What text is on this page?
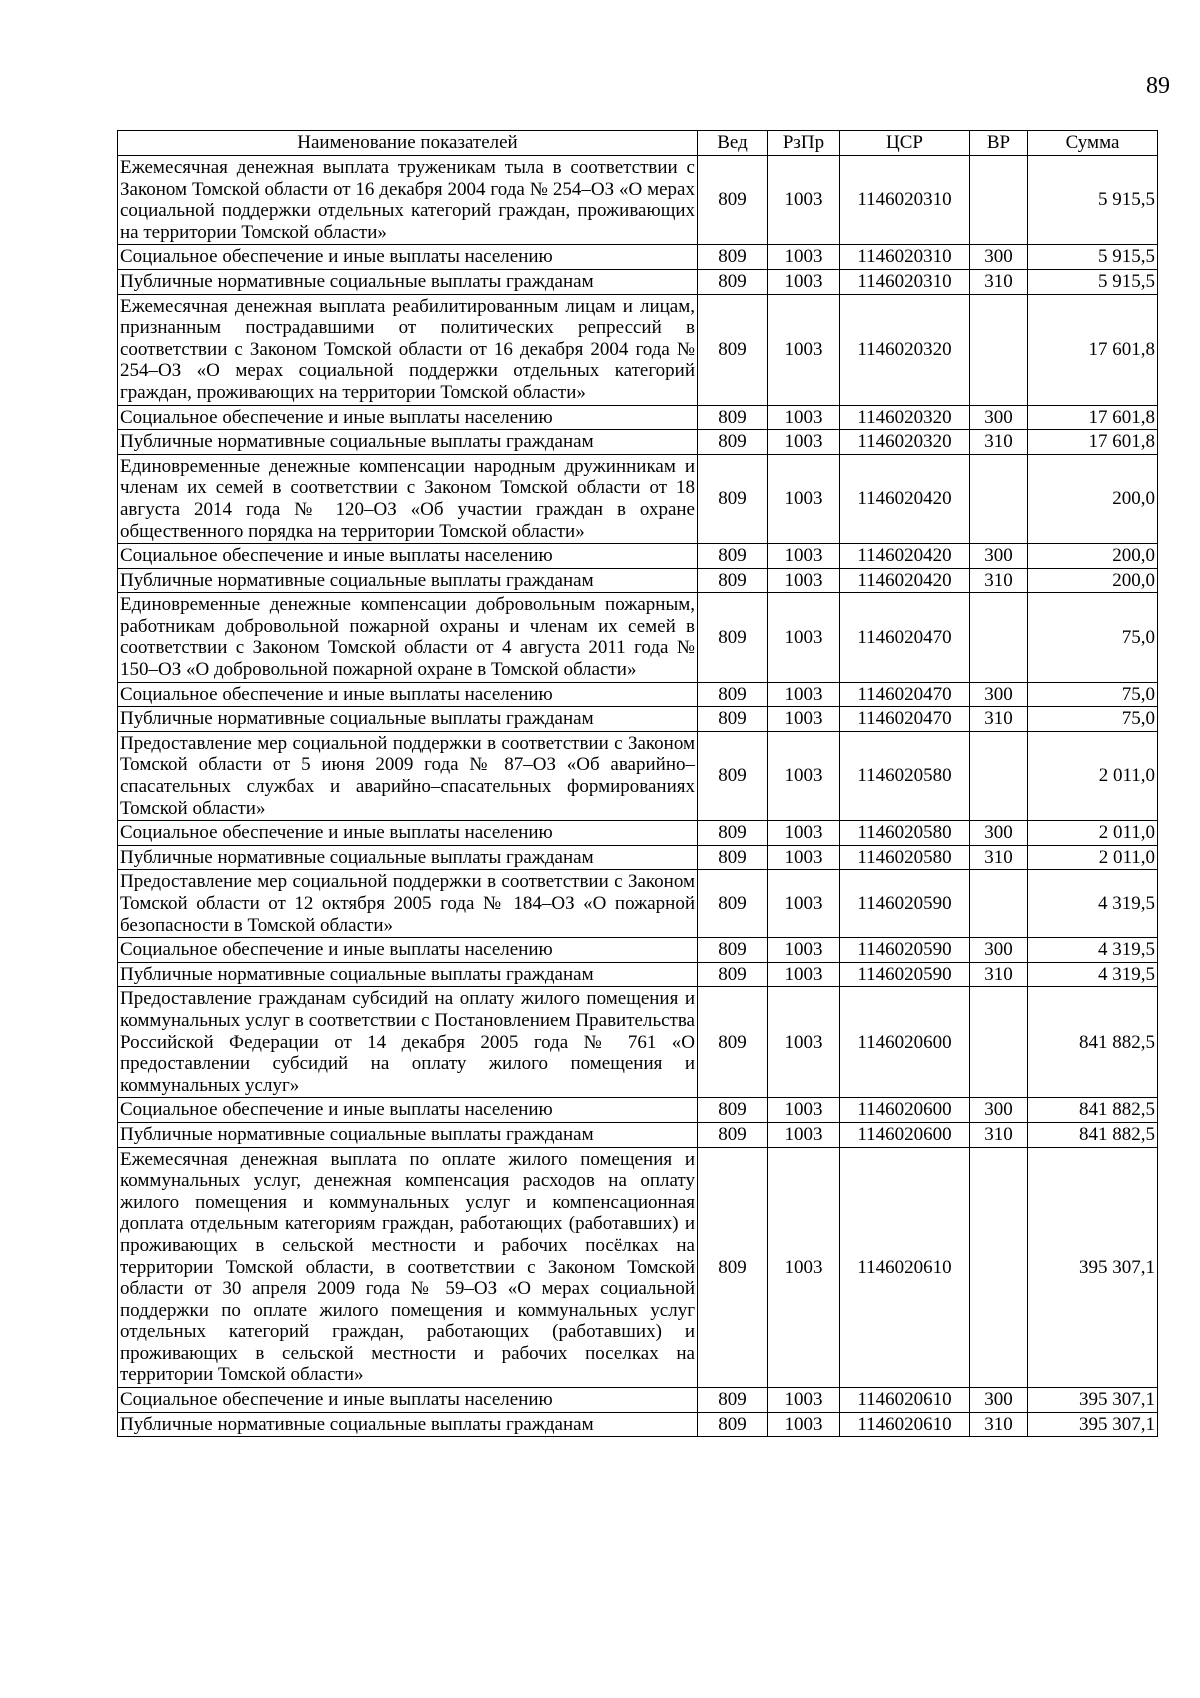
89
Наименование показателей	Вед	РзПр	ЦСР	ВР	Сумма
Ежемесячная денежная выплата труженикам тыла в соответствии с Законом Томской области от 16 декабря 2004 года № 254–ОЗ «О мерах социальной поддержки отдельных категорий граждан, проживающих на территории Томской области»	809	1003	1146020310		5 915,5
Социальное обеспечение и иные выплаты населению	809	1003	1146020310	300	5 915,5
Публичные нормативные социальные выплаты гражданам	809	1003	1146020310	310	5 915,5
Ежемесячная денежная выплата реабилитированным лицам и лицам, признанным пострадавшими от политических репрессий в соответствии с Законом Томской области от 16 декабря 2004 года № 254–ОЗ «О мерах социальной поддержки отдельных категорий граждан, проживающих на территории Томской области»	809	1003	1146020320		17 601,8
Социальное обеспечение и иные выплаты населению	809	1003	1146020320	300	17 601,8
Публичные нормативные социальные выплаты гражданам	809	1003	1146020320	310	17 601,8
Единовременные денежные компенсации народным дружинникам и членам их семей в соответствии с Законом Томской области от 18 августа 2014 года № 120–ОЗ «Об участии граждан в охране общественного порядка на территории Томской области»	809	1003	1146020420		200,0
Социальное обеспечение и иные выплаты населению	809	1003	1146020420	300	200,0
Публичные нормативные социальные выплаты гражданам	809	1003	1146020420	310	200,0
Единовременные денежные компенсации добровольным пожарным, работникам добровольной пожарной охраны и членам их семей в соответствии с Законом Томской области от 4 августа 2011 года № 150–ОЗ «О добровольной пожарной охране в Томской области»	809	1003	1146020470		75,0
Социальное обеспечение и иные выплаты населению	809	1003	1146020470	300	75,0
Публичные нормативные социальные выплаты гражданам	809	1003	1146020470	310	75,0
Предоставление мер социальной поддержки в соответствии с Законом Томской области от 5 июня 2009 года № 87–ОЗ «Об аварийно–спасательных службах и аварийно–спасательных формированиях Томской области»	809	1003	1146020580		2 011,0
Социальное обеспечение и иные выплаты населению	809	1003	1146020580	300	2 011,0
Публичные нормативные социальные выплаты гражданам	809	1003	1146020580	310	2 011,0
Предоставление мер социальной поддержки в соответствии с Законом Томской области от 12 октября 2005 года № 184–ОЗ «О пожарной безопасности в Томской области»	809	1003	1146020590		4 319,5
Социальное обеспечение и иные выплаты населению	809	1003	1146020590	300	4 319,5
Публичные нормативные социальные выплаты гражданам	809	1003	1146020590	310	4 319,5
Предоставление гражданам субсидий на оплату жилого помещения и коммунальных услуг в соответствии с Постановлением Правительства Российской Федерации от 14 декабря 2005 года № 761 «О предоставлении субсидий на оплату жилого помещения и коммунальных услуг»	809	1003	1146020600		841 882,5
Социальное обеспечение и иные выплаты населению	809	1003	1146020600	300	841 882,5
Публичные нормативные социальные выплаты гражданам	809	1003	1146020600	310	841 882,5
Ежемесячная денежная выплата по оплате жилого помещения и коммунальных услуг, денежная компенсация расходов на оплату жилого помещения и коммунальных услуг и компенсационная доплата отдельным категориям граждан, работающих (работавших) и проживающих в сельской местности и рабочих посёлках на территории Томской области, в соответствии с Законом Томской области от 30 апреля 2009 года № 59–ОЗ «О мерах социальной поддержки по оплате жилого помещения и коммунальных услуг отдельных категорий граждан, работающих (работавших) и проживающих в сельской местности и рабочих поселках на территории Томской области»	809	1003	1146020610		395 307,1
Социальное обеспечение и иные выплаты населению	809	1003	1146020610	300	395 307,1
Публичные нормативные социальные выплаты гражданам	809	1003	1146020610	310	395 307,1
